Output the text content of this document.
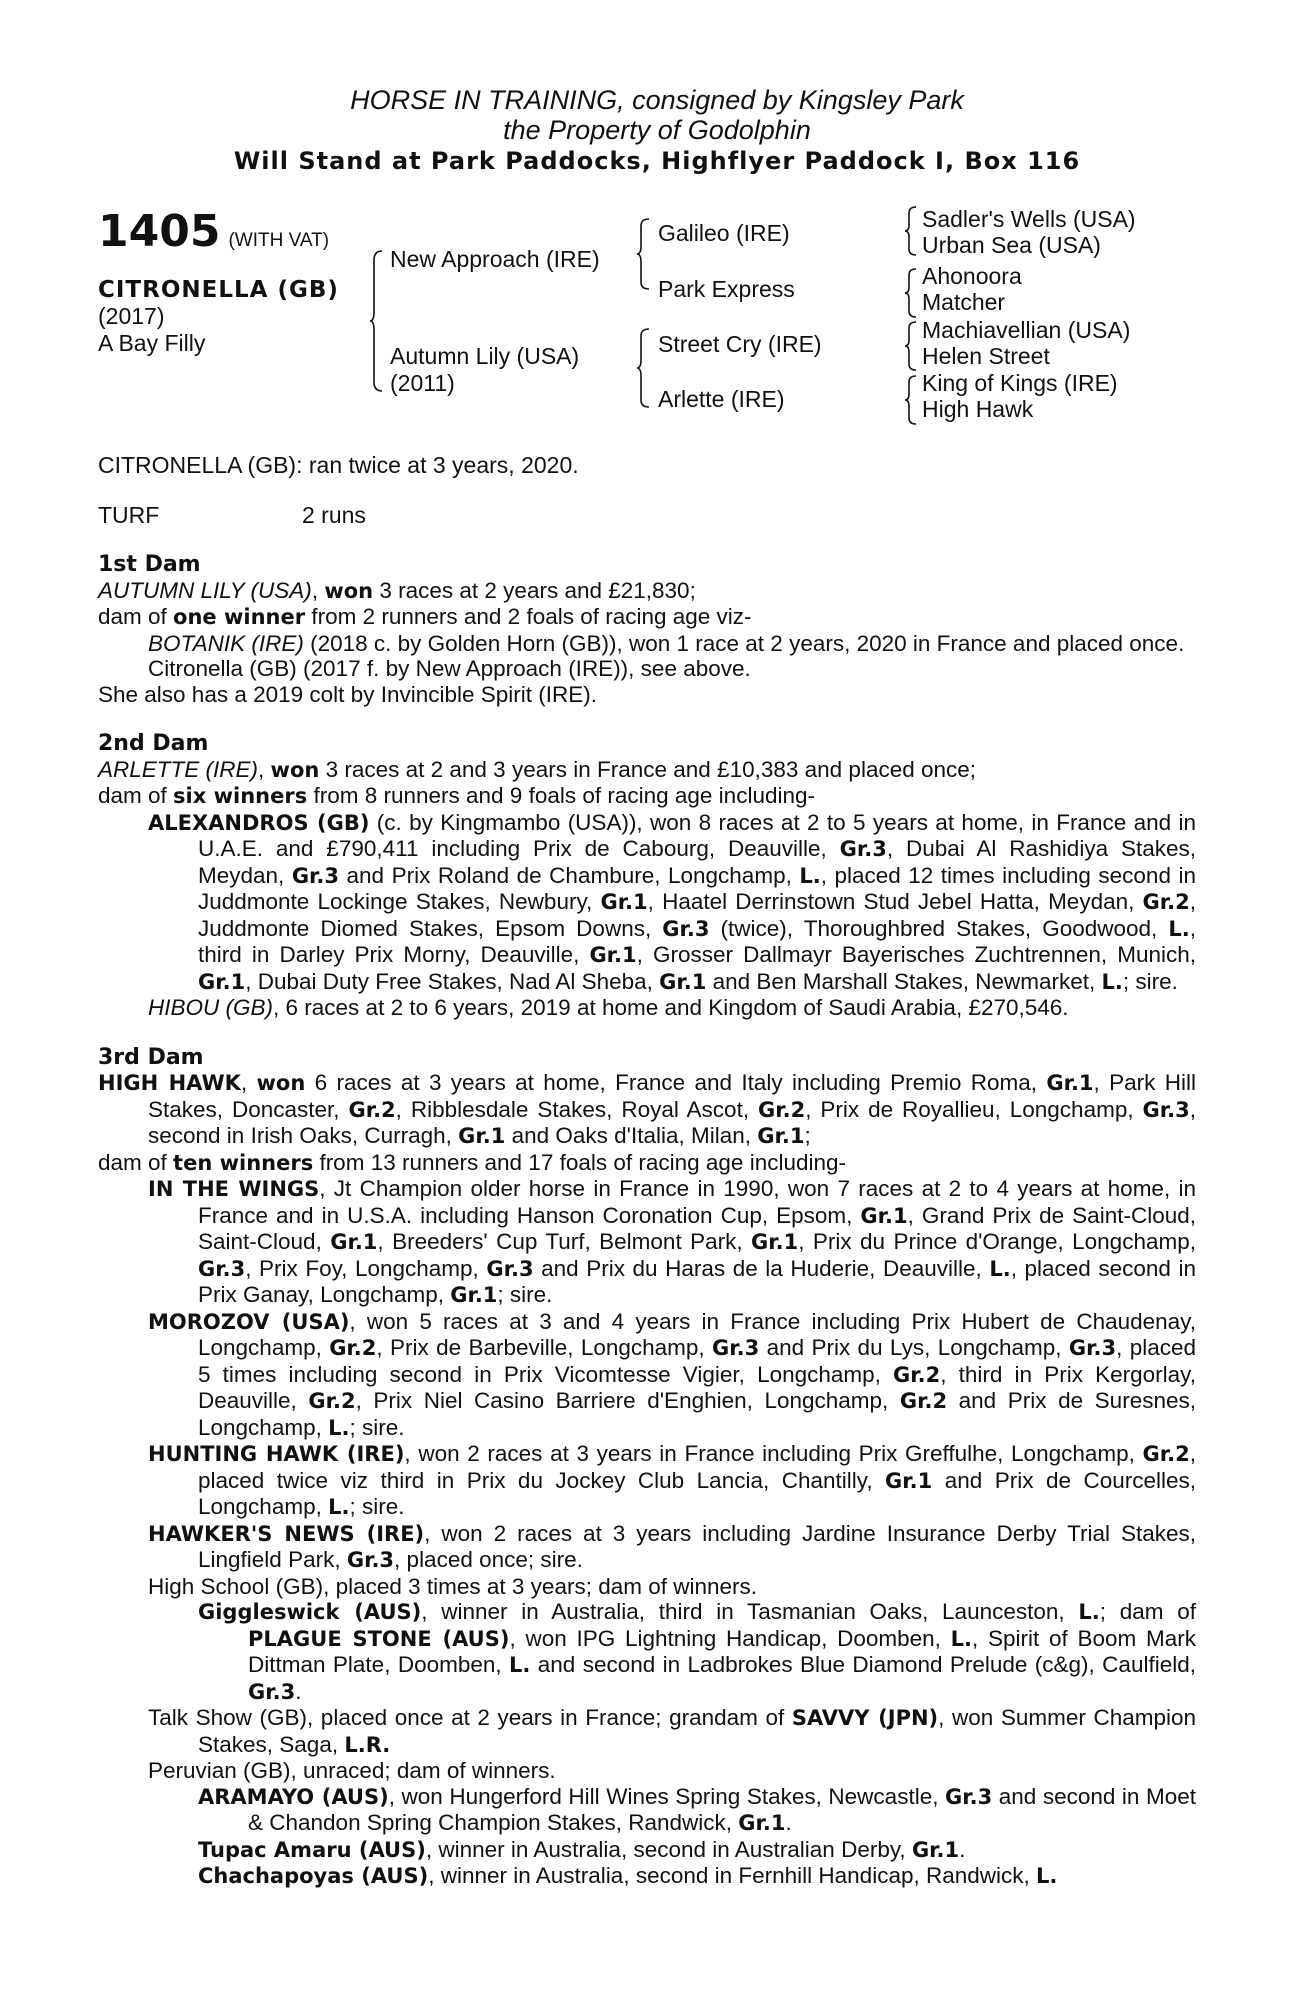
HORSE IN TRAINING, consigned by Kingsley Park
the Property of Godolphin
Will Stand at Park Paddocks, Highflyer Paddock I, Box 116
1405 (WITH VAT)
CITRONELLA (GB)
(2017)
A Bay Filly
New Approach (IRE)
Autumn Lily (USA)
(2011)
Galileo (IRE)
Park Express
Street Cry (IRE)
Arlette (IRE)
Sadler's Wells (USA)
Urban Sea (USA)
Ahonoora
Matcher
Machiavellian (USA)
Helen Street
King of Kings (IRE)
High Hawk
CITRONELLA (GB): ran twice at 3 years, 2020.
TURF	2 runs

1st Dam

AUTUMN LILY (USA), won 3 races at 2 years and £21,830;

dam of one winner from 2 runners and 2 foals of racing age viz-

BOTANIK (IRE) (2018 c. by Golden Horn (GB)), won 1 race at 2 years, 2020 in France and placed once.

Citronella (GB) (2017 f. by New Approach (IRE)), see above.

She also has a 2019 colt by Invincible Spirit (IRE).

2nd Dam

ARLETTE (IRE), won 3 races at 2 and 3 years in France and £10,383 and placed once;

dam of six winners from 8 runners and 9 foals of racing age including-

ALEXANDROS (GB) (c. by Kingmambo (USA)), won 8 races at 2 to 5 years at home, in France and in U.A.E. and £790,411 including Prix de Cabourg, Deauville, Gr.3, Dubai Al Rashidiya Stakes, Meydan, Gr.3 and Prix Roland de Chambure, Longchamp, L., placed 12 times including second in Juddmonte Lockinge Stakes, Newbury, Gr.1, Haatel Derrinstown Stud Jebel Hatta, Meydan, Gr.2, Juddmonte Diomed Stakes, Epsom Downs, Gr.3 (twice), Thoroughbred Stakes, Goodwood, L., third in Darley Prix Morny, Deauville, Gr.1, Grosser Dallmayr Bayerisches Zuchtrennen, Munich, Gr.1, Dubai Duty Free Stakes, Nad Al Sheba, Gr.1 and Ben Marshall Stakes, Newmarket, L.; sire.

HIBOU (GB), 6 races at 2 to 6 years, 2019 at home and Kingdom of Saudi Arabia, £270,546.

3rd Dam

HIGH HAWK, won 6 races at 3 years at home, France and Italy including Premio Roma, Gr.1, Park Hill Stakes, Doncaster, Gr.2, Ribblesdale Stakes, Royal Ascot, Gr.2, Prix de Royallieu, Longchamp, Gr.3, second in Irish Oaks, Curragh, Gr.1 and Oaks d'Italia, Milan, Gr.1;

dam of ten winners from 13 runners and 17 foals of racing age including-

IN THE WINGS, Jt Champion older horse in France in 1990, won 7 races at 2 to 4 years at home, in France and in U.S.A. including Hanson Coronation Cup, Epsom, Gr.1, Grand Prix de Saint-Cloud, Saint-Cloud, Gr.1, Breeders' Cup Turf, Belmont Park, Gr.1, Prix du Prince d'Orange, Longchamp, Gr.3, Prix Foy, Longchamp, Gr.3 and Prix du Haras de la Huderie, Deauville, L., placed second in Prix Ganay, Longchamp, Gr.1; sire.

MOROZOV (USA), won 5 races at 3 and 4 years in France including Prix Hubert de Chaudenay, Longchamp, Gr.2, Prix de Barbeville, Longchamp, Gr.3 and Prix du Lys, Longchamp, Gr.3, placed 5 times including second in Prix Vicomtesse Vigier, Longchamp, Gr.2, third in Prix Kergorlay, Deauville, Gr.2, Prix Niel Casino Barriere d'Enghien, Longchamp, Gr.2 and Prix de Suresnes, Longchamp, L.; sire.

HUNTING HAWK (IRE), won 2 races at 3 years in France including Prix Greffulhe, Longchamp, Gr.2, placed twice viz third in Prix du Jockey Club Lancia, Chantilly, Gr.1 and Prix de Courcelles, Longchamp, L.; sire.

HAWKER'S NEWS (IRE), won 2 races at 3 years including Jardine Insurance Derby Trial Stakes, Lingfield Park, Gr.3, placed once; sire.

High School (GB), placed 3 times at 3 years; dam of winners.

Giggleswick (AUS), winner in Australia, third in Tasmanian Oaks, Launceston, L.; dam of PLAGUE STONE (AUS), won IPG Lightning Handicap, Doomben, L., Spirit of Boom Mark Dittman Plate, Doomben, L. and second in Ladbrokes Blue Diamond Prelude (c&g), Caulfield, Gr.3.

Talk Show (GB), placed once at 2 years in France; grandam of SAVVY (JPN), won Summer Champion Stakes, Saga, L.R.

Peruvian (GB), unraced; dam of winners.

ARAMAYO (AUS), won Hungerford Hill Wines Spring Stakes, Newcastle, Gr.3 and second in Moet & Chandon Spring Champion Stakes, Randwick, Gr.1.

Tupac Amaru (AUS), winner in Australia, second in Australian Derby, Gr.1.

Chachapoyas (AUS), winner in Australia, second in Fernhill Handicap, Randwick, L.
